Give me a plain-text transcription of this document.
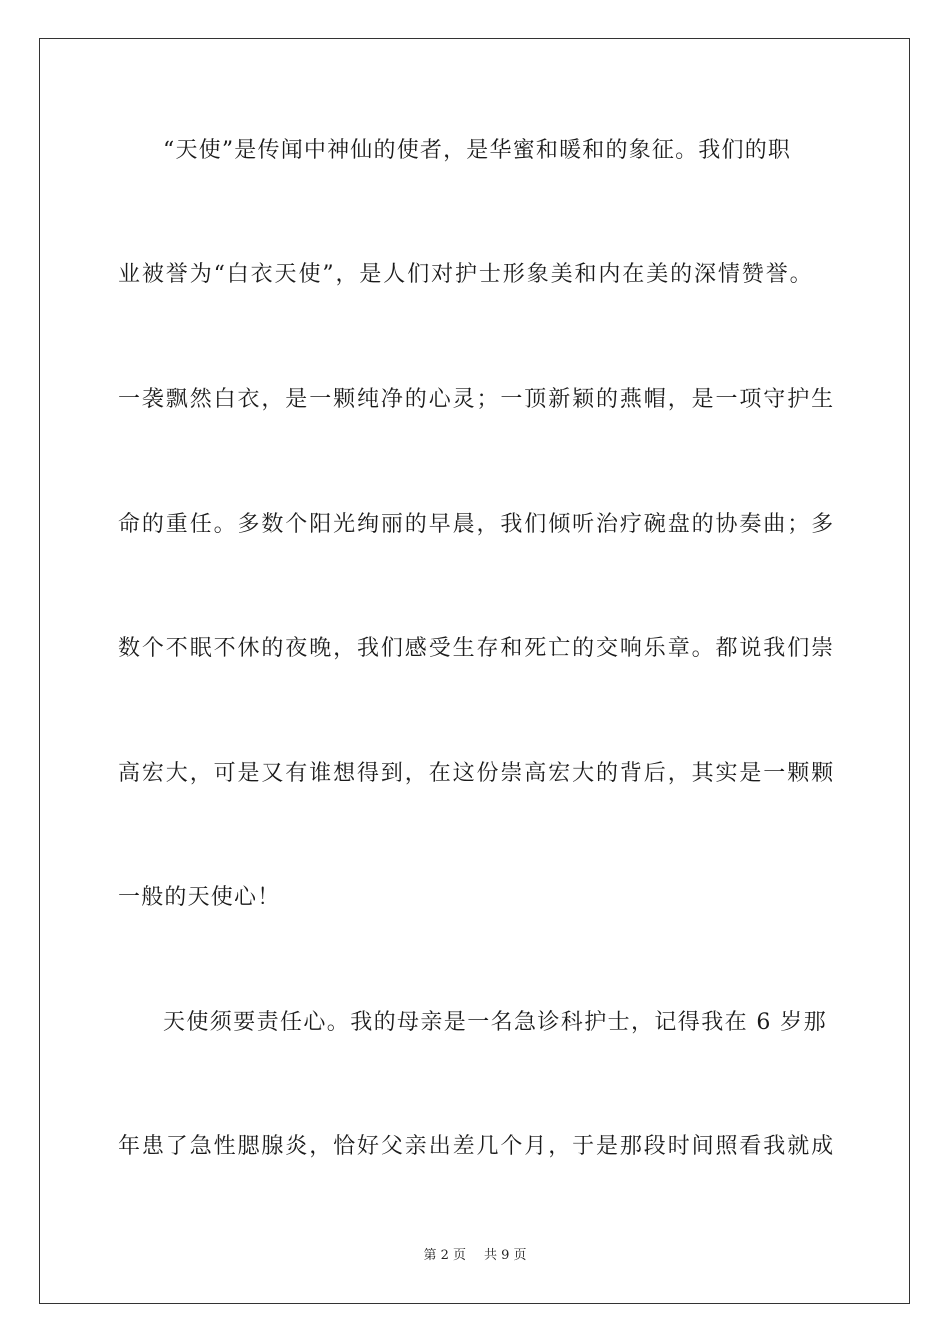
“天使”是传闻中神仙的使者，是华蜜和暖和的象征。我们的职
业被誉为“白衣天使”，是人们对护士形象美和内在美的深情赞誉。
一袭飘然白衣，是一颗纯净的心灵；一顶新颖的燕帽，是一项守护生
命的重任。多数个阳光绚丽的早晨，我们倾听治疗碗盘的协奏曲；多
数个不眠不休的夜晚，我们感受生存和死亡的交响乐章。都说我们崇
高宏大，可是又有谁想得到，在这份崇高宏大的背后，其实是一颗颗
一般的天使心！
天使须要责任心。我的母亲是一名急诊科护士，记得我在 6 岁那
年患了急性腮腺炎，恰好父亲出差几个月，于是那段时间照看我就成
第 2 页 共 9 页
